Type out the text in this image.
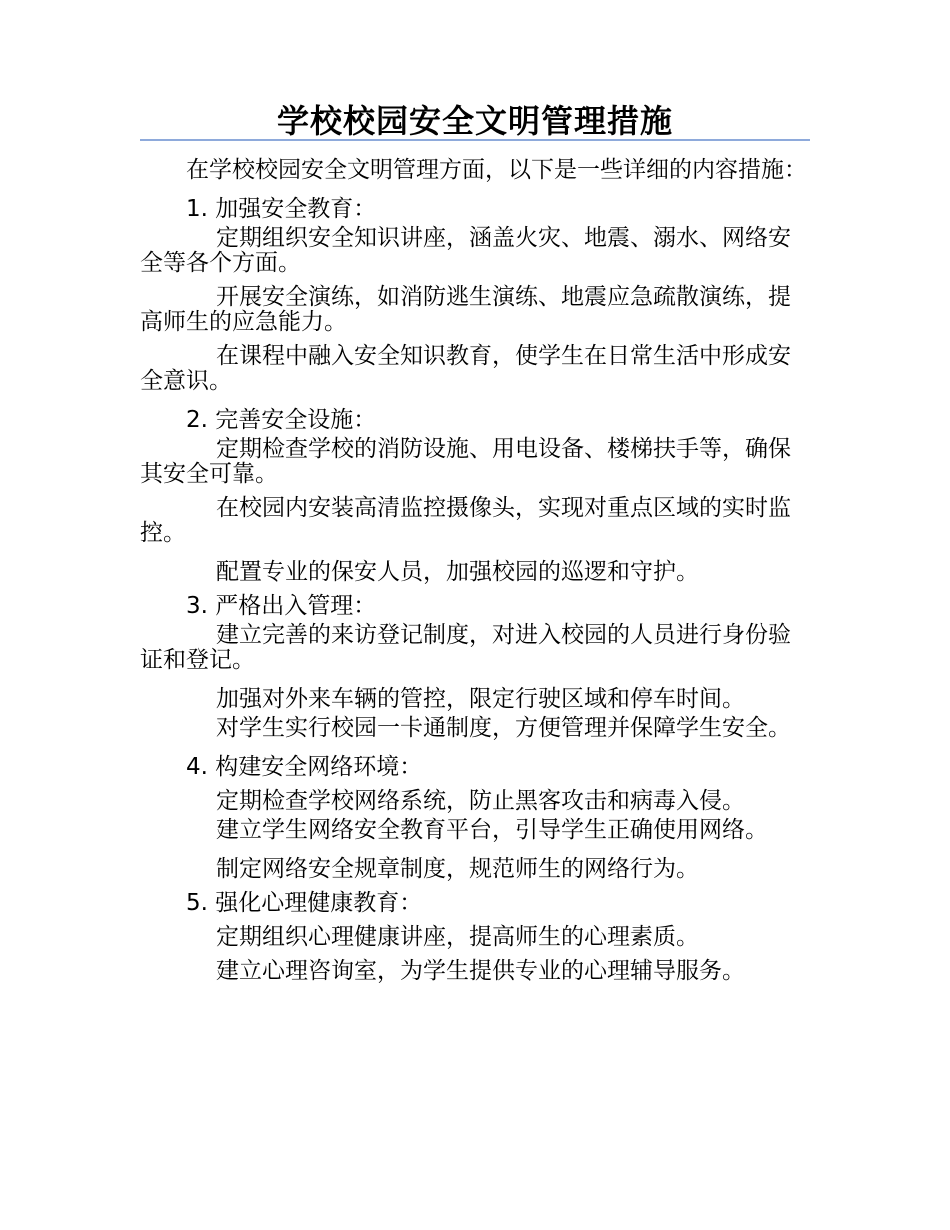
学校校园安全文明管理措施

在学校校园安全文明管理方面，以下是一些详细的内容措施：

1. 加强安全教育：

定期组织安全知识讲座，涵盖火灾、地震、溺水、网络安全等各个方面。

开展安全演练，如消防逃生演练、地震应急疏散演练，提高师生的应急能力。

在课程中融入安全知识教育，使学生在日常生活中形成安全意识。

2. 完善安全设施：

定期检查学校的消防设施、用电设备、楼梯扶手等，确保其安全可靠。

在校园内安装高清监控摄像头，实现对重点区域的实时监控。

配置专业的保安人员，加强校园的巡逻和守护。

3. 严格出入管理：

建立完善的来访登记制度，对进入校园的人员进行身份验证和登记。

加强对外来车辆的管控，限定行驶区域和停车时间。

对学生实行校园一卡通制度，方便管理并保障学生安全。

4. 构建安全网络环境：

定期检查学校网络系统，防止黑客攻击和病毒入侵。

建立学生网络安全教育平台，引导学生正确使用网络。

制定网络安全规章制度，规范师生的网络行为。

5. 强化心理健康教育：

定期组织心理健康讲座，提高师生的心理素质。

建立心理咨询室，为学生提供专业的心理辅导服务。
